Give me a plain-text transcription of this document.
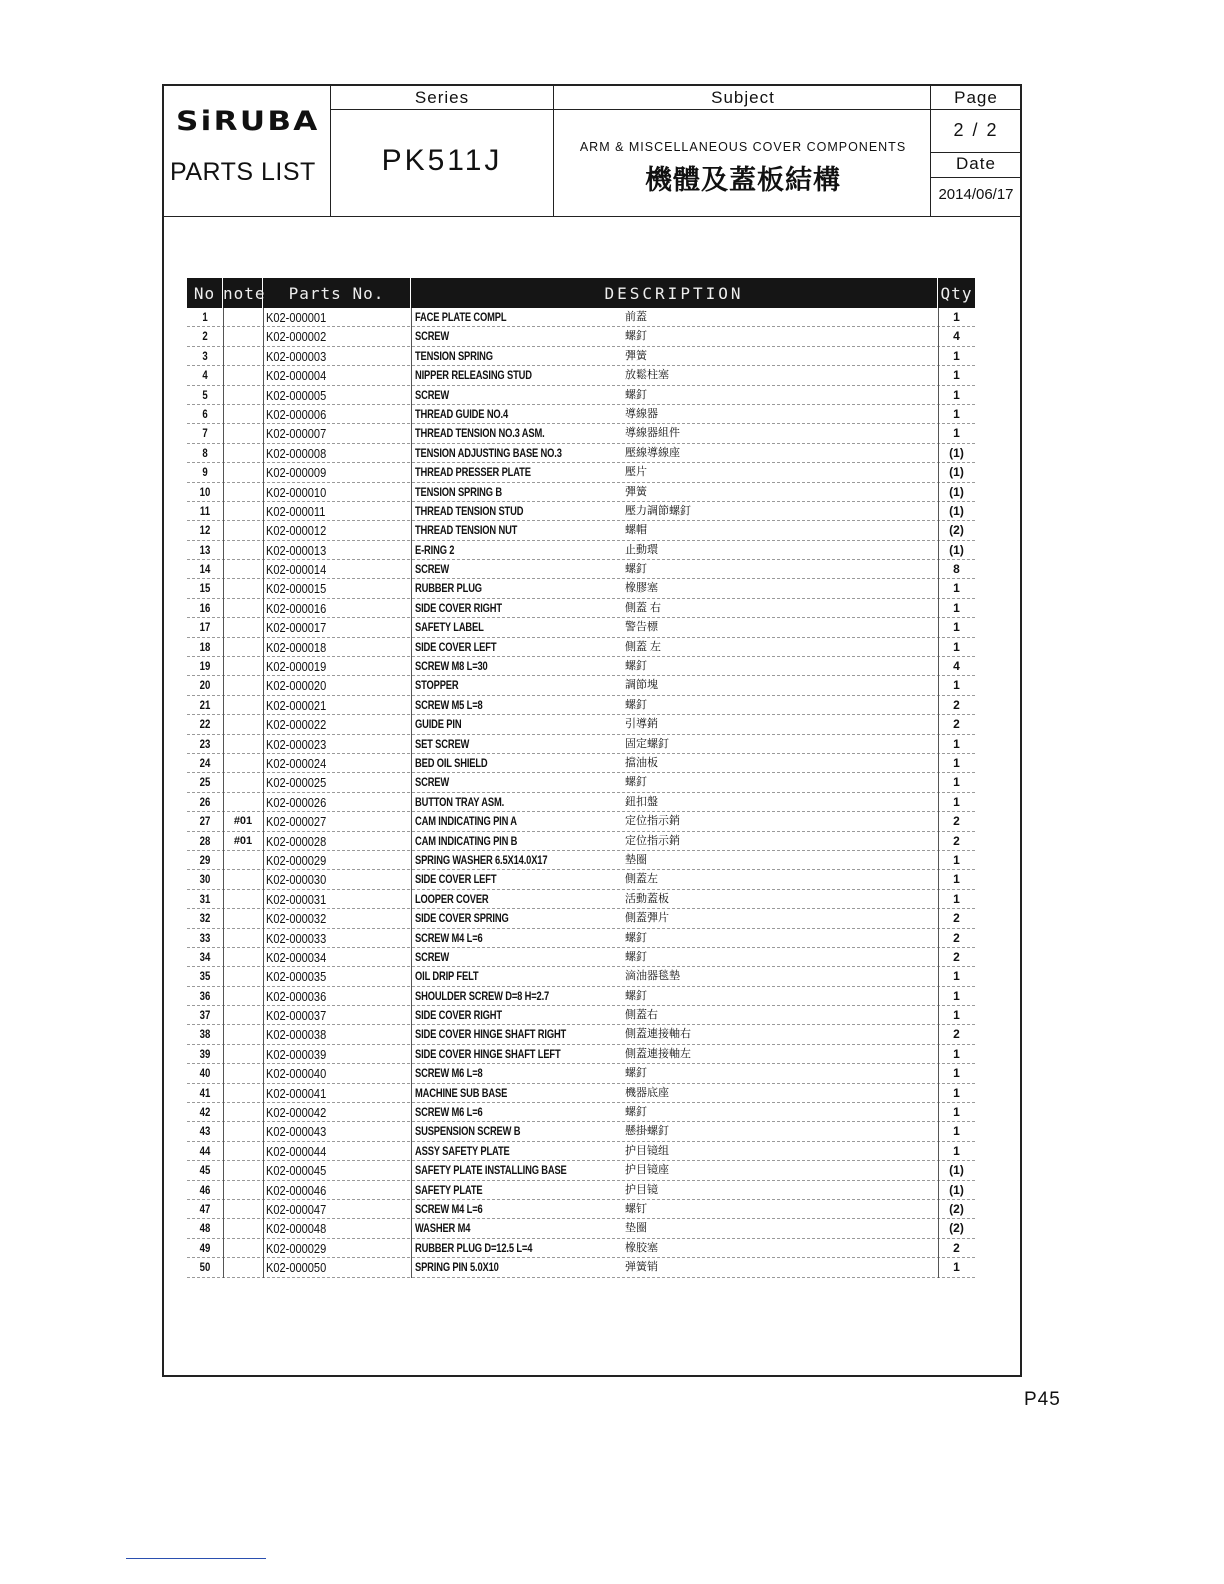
SiRUBA
PARTS LIST
Series
PK511J
Subject
ARM & MISCELLANEOUS COVER COMPONENTS
機體及蓋板結構
Page
2 / 2
Date
2014/06/17
No note	Parts No.	DESCRIPTION	Qty
1	K02-000001	FACE PLATE COMPL	前蓋	1
2	K02-000002	SCREW	螺釘	4
3	K02-000003	TENSION SPRING	彈簧	1
4	K02-000004	NIPPER RELEASING STUD	放鬆柱塞	1
5	K02-000005	SCREW	螺釘	1
6	K02-000006	THREAD GUIDE NO.4	導線器	1
7	K02-000007	THREAD TENSION NO.3 ASM.	導線器組件	1
8	K02-000008	TENSION ADJUSTING BASE NO.3	壓線導線座	(1)
9	K02-000009	THREAD PRESSER PLATE	壓片	(1)
10	K02-000010	TENSION SPRING B	彈簧	(1)
11	K02-000011	THREAD TENSION STUD	壓力調節螺釘	(1)
12	K02-000012	THREAD TENSION NUT	螺帽	(2)
13	K02-000013	E-RING 2	止動環	(1)
14	K02-000014	SCREW	螺釘	8
15	K02-000015	RUBBER PLUG	橡膠塞	1
16	K02-000016	SIDE COVER RIGHT	側蓋 右	1
17	K02-000017	SAFETY LABEL	警告標	1
18	K02-000018	SIDE COVER LEFT	側蓋 左	1
19	K02-000019	SCREW M8 L=30	螺釘	4
20	K02-000020	STOPPER	調節塊	1
21	K02-000021	SCREW M5 L=8	螺釘	2
22	K02-000022	GUIDE PIN	引導銷	2
23	K02-000023	SET SCREW	固定螺釘	1
24	K02-000024	BED OIL SHIELD	擋油板	1
25	K02-000025	SCREW	螺釘	1
26	K02-000026	BUTTON TRAY ASM.	鈕扣盤	1
27	#01	K02-000027	CAM INDICATING PIN A	定位指示銷	2
28	#01	K02-000028	CAM INDICATING PIN B	定位指示銷	2
29	K02-000029	SPRING WASHER 6.5X14.0X17	墊圈	1
30	K02-000030	SIDE COVER LEFT	側蓋左	1
31	K02-000031	LOOPER COVER	活動蓋板	1
32	K02-000032	SIDE COVER SPRING	側蓋彈片	2
33	K02-000033	SCREW M4 L=6	螺釘	2
34	K02-000034	SCREW	螺釘	2
35	K02-000035	OIL DRIP FELT	滴油器毯墊	1
36	K02-000036	SHOULDER SCREW D=8 H=2.7	螺釘	1
37	K02-000037	SIDE COVER RIGHT	側蓋右	1
38	K02-000038	SIDE COVER HINGE SHAFT RIGHT	側蓋連接軸右	2
39	K02-000039	SIDE COVER HINGE SHAFT LEFT	側蓋連接軸左	1
40	K02-000040	SCREW M6 L=8	螺釘	1
41	K02-000041	MACHINE SUB BASE	機器底座	1
42	K02-000042	SCREW M6 L=6	螺釘	1
43	K02-000043	SUSPENSION SCREW B	懸掛螺釘	1
44	K02-000044	ASSY SAFETY PLATE	护目镜组	1
45	K02-000045	SAFETY PLATE INSTALLING BASE	护目镜座	(1)
46	K02-000046	SAFETY PLATE	护目镜	(1)
47	K02-000047	SCREW M4 L=6	螺钉	(2)
48	K02-000048	WASHER M4	垫圈	(2)
49	K02-000029	RUBBER PLUG D=12.5 L=4	橡胶塞	2
50	K02-000050	SPRING PIN 5.0X10	弹簧销	1
P45
